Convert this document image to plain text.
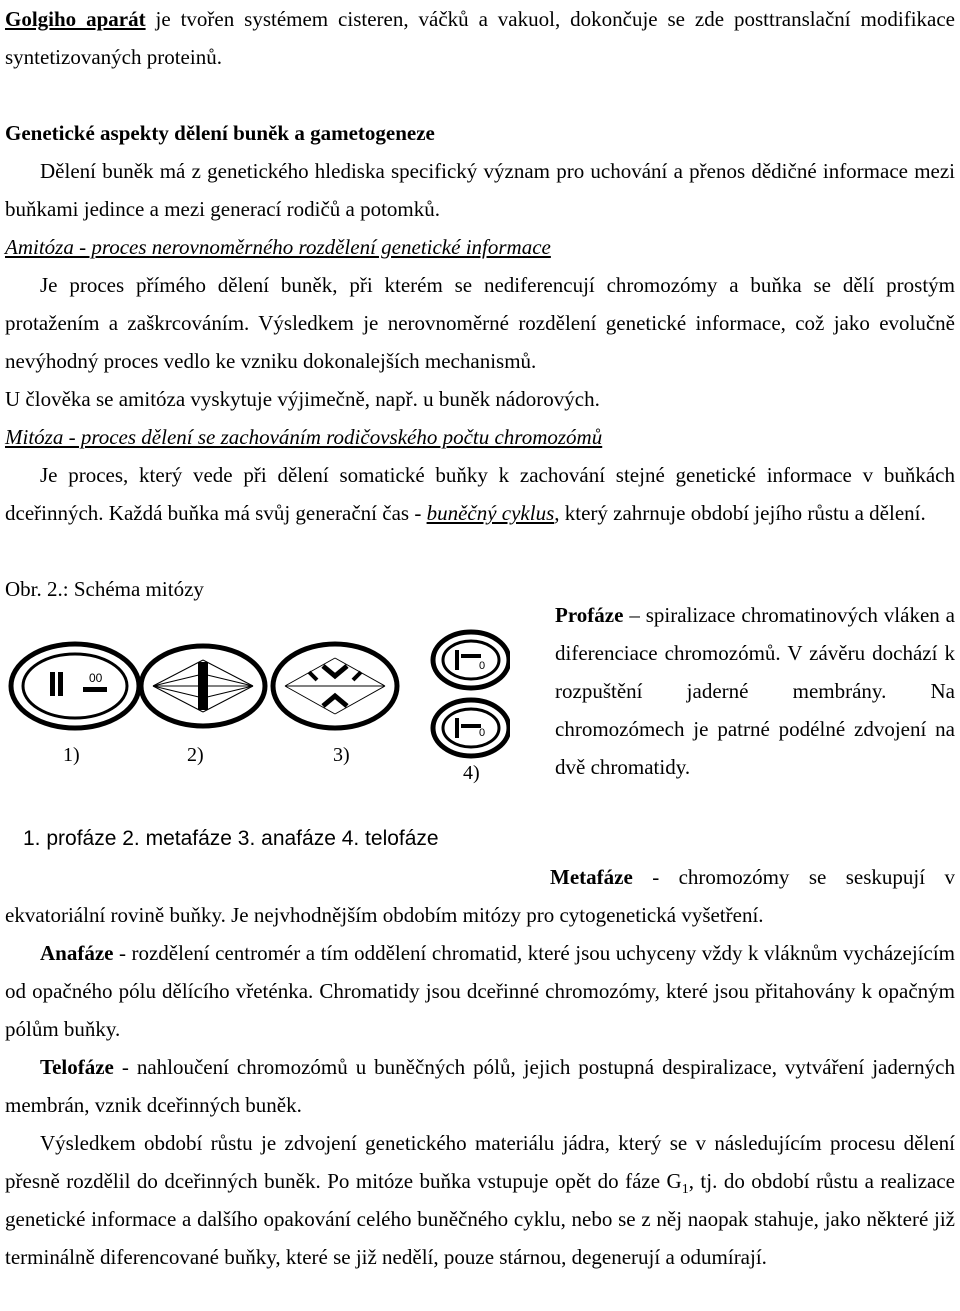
Golgiho aparát je tvořen systémem cisteren, váčků a vakuol, dokončuje se zde posttranslační modifikace syntetizovaných proteinů.

Genetické aspekty dělení buněk a gametogeneze

Dělení buněk má z genetického hlediska specifický význam pro uchování a přenos dědičné informace mezi buňkami jedince a mezi generací rodičů a potomků.

Amitóza - proces nerovnoměrného rozdělení genetické informace

Je proces přímého dělení buněk, při kterém se nediferencují chromozómy a buňka se dělí prostým protažením a zaškrcováním. Výsledkem je nerovnoměrné rozdělení genetické informace, což jako evolučně nevýhodný proces vedlo ke vzniku dokonalejších mechanismů.

U člověka se amitóza vyskytuje výjimečně, např. u buněk nádorových.

Mitóza - proces dělení se zachováním rodičovského počtu chromozómů

Je proces, který vede při dělení somatické buňky k zachování stejné genetické informace v buňkách dceřinných. Každá buňka má svůj generační čas - buněčný cyklus, který zahrnuje období jejího růstu a dělení.

Obr. 2.: Schéma mitózy

00
0
0
1)	2)	3)
4)
1. profáze 2. metafáze 3. anafáze 4. telofáze
Profáze – spiralizace chromatinových vláken a diferenciace chromozómů. V závěru dochází k rozpuštění jaderné membrány. Na chromozómech je patrné podélné zdvojení na dvě chromatidy.

Metafáze - chromozómy se seskupují v ekvatoriální rovině buňky. Je nejvhodnějším obdobím mitózy pro cytogenetická vyšetření.

Anafáze - rozdělení centromér a tím oddělení chromatid, které jsou uchyceny vždy k vláknům vycházejícím od opačného pólu dělícího vřeténka. Chromatidy jsou dceřinné chromozómy, které jsou přitahovány k opačným pólům buňky.

Telofáze - nahloučení chromozómů u buněčných pólů, jejich postupná despiralizace, vytváření jaderných membrán, vznik dceřinných buněk.

Výsledkem období růstu je zdvojení genetického materiálu jádra, který se v následujícím procesu dělení přesně rozdělil do dceřinných buněk. Po mitóze buňka vstupuje opět do fáze $G_1$, tj. do období růstu a realizace genetické informace a dalšího opakování celého buněčného cyklu, nebo se z něj naopak stahuje, jako některé již terminálně diferencované buňky, které se již nedělí, pouze stárnou, degenerují a odumírají.
